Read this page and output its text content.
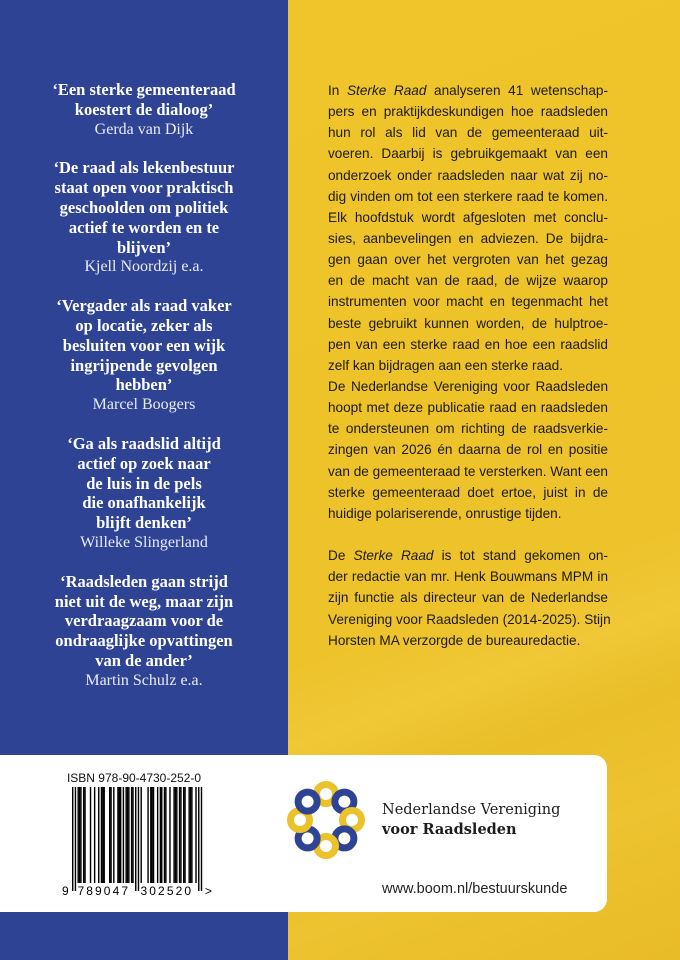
‘Een sterke gemeenteraad
koestert de dialoog’
Gerda van Dijk
‘De raad als lekenbestuur
staat open voor praktisch
geschoolden om politiek
actief te worden en te
blijven’
Kjell Noordzij e.a.
‘Vergader als raad vaker
op locatie, zeker als
besluiten voor een wijk
ingrijpende gevolgen
hebben’
Marcel Boogers
‘Ga als raadslid altijd
actief op zoek naar
de luis in de pels
die onafhankelijk
blijft denken’
Willeke Slingerland
‘Raadsleden gaan strijd
niet uit de weg, maar zijn
verdraagzaam voor de
ondraaglijke opvattingen
van de ander’
Martin Schulz e.a.
In Sterke Raad analyseren 41 wetenschap-
pers en praktijkdeskundigen hoe raadsleden
hun rol als lid van de gemeenteraad uit-
voeren. Daarbij is gebruikgemaakt van een
onderzoek onder raadsleden naar wat zij no-
dig vinden om tot een sterkere raad te komen.
Elk hoofdstuk wordt afgesloten met conclu-
sies, aanbevelingen en adviezen. De bijdra-
gen gaan over het vergroten van het gezag
en de macht van de raad, de wijze waarop
instrumenten voor macht en tegenmacht het
beste gebruikt kunnen worden, de hulptroe-
pen van een sterke raad en hoe een raadslid
zelf kan bijdragen aan een sterke raad.
De Nederlandse Vereniging voor Raadsleden
hoopt met deze publicatie raad en raadsleden
te ondersteunen om richting de raadsverkie-
zingen van 2026 én daarna de rol en positie
van de gemeenteraad te versterken. Want een
sterke gemeenteraad doet ertoe, juist in de
huidige polariserende, onrustige tijden.
De Sterke Raad is tot stand gekomen on-
der redactie van mr. Henk Bouwmans MPM in
zijn functie als directeur van de Nederlandse
Vereniging voor Raadsleden (2014-2025). Stijn
Horsten MA verzorgde de bureauredactie.
ISBN 978-90-4730-252-0
9 789047 302520 >
Nederlandse Vereniging
voor Raadsleden
www.boom.nl/bestuurskunde
